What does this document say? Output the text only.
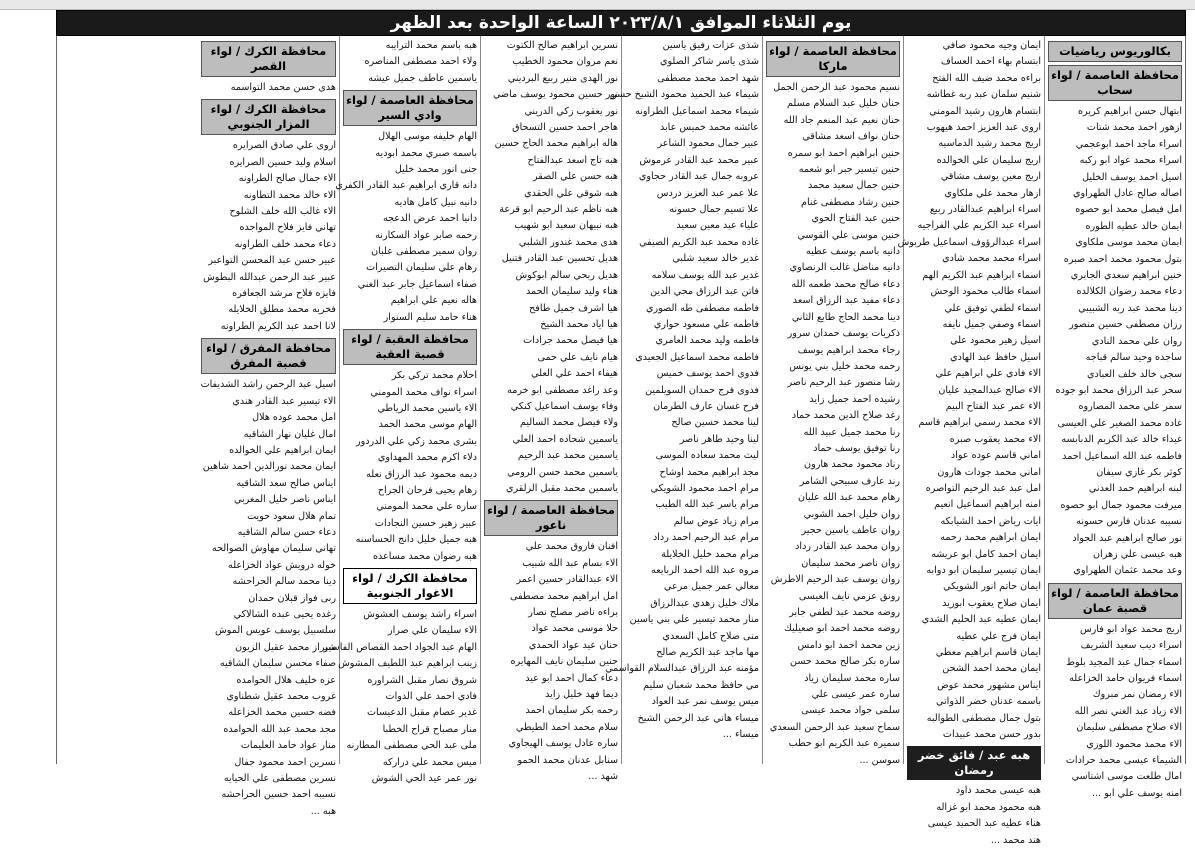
يوم الثلاثاء الموافق ٢٠٢٣/٨/١ الساعة الواحدة بعد الظهر
بكالوريوس رياضيات
محافظة العاصمة / لواء سحاب
ابتهال حسن ابراهيم كريره
ازهور احمد محمد شتات
اسراء ماجد احمد ابوعجمي
اسراء محمد عواد ابو ركبه
اسيل احمد يوسف الخليل
اصاله صالح عادل الطهراوي
امل فيصل محمد ابو حصوه
ايمان خالد عطيه الطوره
ايمان محمد موسى ملكاوي
بتول محمود محمد احمد صبره
حنين ابراهيم سعدي الجابري
دعاء محمد رضوان الكلالده
دينا محمد عبد ربه الشبيبي
رزان مصطفى حسين منصور
روان علي محمد النادي
ساجده وحيد سالم قباجه
سجى خالد خلف العبادي
سحر عبد الرزاق محمد ابو جوده
سمر علي محمد المصاروه
غاده محمد الصغير علي العيسى
غيداء خالد عبد الكريم الدبابسه
فاطمه عبد الله اسماعيل احمد
كوثر بكر غازي سيفان
لبنه ابراهيم حمد العدني
ميرفت محمود جمال ابو حصوه
نسيبه عدنان فارس حسونه
نور صالح ابراهيم عبد الجواد
هبه عيسى علي زهران
وعد محمد عثمان الطهراوي
محافظة العاصمة / لواء قصبة عمان
اريج محمد عواد ابو فارس
اسراء ديب سعيد الشريف
اسماء جمال عبد المجيد بلوط
اسماء فريوان حامد الخزاعله
الاء رمضان نمر مبروك
الاء زياد عبد الغني نصر الله
الاء صلاح مصطفى سليمان
الاء محمد محمود اللوزي
الشيماء عيسى محمد حرادات
امال طلعت موسى اشتاسي
امنه يوسف علي ابو ...
ايمان وجيه محمود صافي
ابتسام بهاء احمد العساف
براءه محمد ضيف الله الفتح
شنيم سلمان عبد ربه غطاشه
ابتسام هارون رشيد المومني
اروى عبد العزيز احمد هيهوب
اريج محمد رشيد الدماسيه
اريج سليمان علي الخوالده
اريج معين يوسف مشاقي
ازهار محمد علي ملكاوي
اسراء ابراهيم عبدالقادر ربيع
اسراء عبد الكريم علي الفراجيه
اسراء عبدالرؤوف اسماعيل طربوش
اسراء محمد محمد شادي
اسماء ابراهيم عبد الكريم الهم
اسماء طالب محمود الوحش
اسماء لطفي توفيق علي
اسماء وصفي جميل نايفه
اسيل زهير محمود علي
اسيل حافظ عبد الهادي
الاء فادي علي ابراهيم علي
الاء صالح عبدالمجيد عليان
الاء عمر عبد الفتاح البيم
الاء محمد رسمي ابراهيم قاسم
الاء محمد يعقوب صبره
اماني قاسم عوده عواد
اماني محمد جودات هارون
امل عبد عبد الرحيم التواصره
امنه ابراهيم اسماعيل انعيم
ايات رياض احمد الشيابكه
ايمان ابراهيم محمد رحمه
ايمان احمد كامل ابو عريشه
ايمان تيسير سليمان ابو دوابه
ايمان حاتم انور الشويكي
ايمان صلاح يعقوب ابوزيد
ايمان عطيه عبد الحليم الشدي
ايمان فرج علي عطيه
ايمان قاسم ابراهيم معطي
ايمان محمد احمد الشحن
ايناس مشهور محمد عوض
باسمه عدنان خضر الذواتي
بتول جمال مصطفى الطوالبه
بدور حسن محمد عبيدات
هبه عبد / فائق خضر رمضان
هبه عيسى محمد داود
هبه محمود محمد ابو غزاله
هناء عطيه عبد الحميد عيسى
هند محمد ...
محافظة العاصمة / لواء ماركا
نسيم محمود عبد الرحمن الجمل
حنان خليل عبد السلام مسلم
حنان نعيم عبد المنعم جاد الله
حنان نواف اسعد مشاقي
حنين ابراهيم احمد ابو سمره
حنين تيسير جبر ابو شعمه
حنين جمال سعيد محمد
حنين رشاد مصطفى غنام
حنين عبد الفتاح الحوي
حنين موسى علي القوسي
دانيه باسم يوسف عطيه
دانيه مناضل غالب الرنصاوي
دعاء صالح محمد طعمه الله
دعاء مفيد عبد الرزاق اسعد
دينا محمد الحاج طايع الثاني
ذكريات يوسف حمدان سرور
رجاء محمد ابراهيم يوسف
رحمه محمد خليل بني يونس
رشا منصور عبد الرحيم ناصر
رشيده احمد جميل زايد
رغد صلاح الدين محمد حماد
رنا محمد جميل عبيد الله
رنا توفيق يوسف حماد
رناد محمود محمد هارون
رند عارف سبيحي الشامر
رهام محمد عبد الله عليان
روان خليل احمد الشوبي
روان عاطف ياسين حجير
روان محمد عبد القادر رداد
روان ناصر محمد سليمان
روان يوسف عبد الرحيم الاطرش
رونق عزمي نايف العيسى
روضه محمد عبد لطفي جابر
روضه محمد احمد ابو صعيليك
زين محمد احمد ابو دامس
ساره بكر صالح محمد حسن
ساره محمد سليمان زياد
ساره عمر عيسى علي
سلمى جواد محمد عيسى
سماح سعيد عبد الرحمن السعدي
سميره عبد الكريم ابو حطب
سوسن ...
شذى عزات رفيق ياسين
شذى ياسر شاكر الصلوي
شهد احمد محمد مصطفى
شيماء عبد الحميد محمود الشيخ حسن
شيماء محمد اسماعيل الطراونه
عائشه محمد خميس عابد
عبير جمال محمود الشاعر
عبير محمد عبد القادر عرموش
عروبه جمال عبد القادر حجاوي
علا عمر عبد العزيز دردس
علا تسيم جمال حسونه
علياء عيد معين سعيد
غاده محمد عبد الكريم الصيفي
غدير خالد سعيد شلبي
غدير عبد الله يوسف سلامه
فاتن عبد الرزاق محي الدين
فاطمه مصطفى طه الصوري
فاطمه علي مسعود حواري
فاطمه وليد محمد العامري
فاطمه محمد اسماعيل الجعيدي
فدوى احمد يوسف خميس
فدوى فرج حمدان السويلمين
فرح غسان عارف الطرمان
لينا محمد حسين صالح
لينا وحيد طاهر ناصر
ليث محمد سعاده الموسى
مجد ابراهيم محمد اوشاح
مرام احمد محمود الشويكي
مرام ياسر عبد الله الطيب
مرام زياد عوض سالم
مرام عبد الرحيم احمد رداد
مرام محمد خليل الخلايلة
مروه عبد الله احمد الربايعه
معالي عمر جميل مرعي
ملاك خليل زهدي عبدالرزاق
منار محمد تيسير علي بني ياسين
منى صلاح كامل السعدي
مها ماجد عبد الكريم صالح
مؤمنه عبد الرزاق عبدالسلام القواسمي
مي حافظ محمد شعبان سليم
ميس يوسف نمر عبد العواد
ميساء هاني عبد الرحمن الشيخ
ميساء ...
نسرين ابراهيم صالح الكتوت
نعم مروان محمود الخطيب
نور الهدى منير ربيع البرديني
نور حسين محمود يوسف ماضي
نور يعقوب زكي الدريني
هاجر احمد حسين التسحاق
هاله ابراهيم محمد الحاج حسين
هبه تاج اسعد عبدالفتاح
هبه حسن علي الصقر
هبه شوقي علي الحقدي
هبه ناظم عبد الرحيم ابو قرعة
هبه نبيهان سعيد ابو شهيب
هدى محمد غندور الشلبي
هديل تحسين عبد القادر فتنيل
هديل ربحي سالم ابوكوش
هناء وليد سليمان الحمد
هيا اشرف جميل طافح
هيا اياد محمد الشيخ
هيا فيصل محمد جرادات
هيام نايف علي حمى
هيفاء احمد علي العلي
وعد راغد مصطفى ابو خرمه
وفاء يوسف اسماعيل كنكي
ولاء فيصل محمد الساليم
ياسمين شحاده احمد العلي
ياسمين محمد عبد الرحيم
ياسمين محمد حسن الرومي
ياسمين محمد مقبل الزلقري
محافظة العاصمة / لواء ناعور
افنان فاروق محمد علي
الاء بسام عبد الله شبيب
الاء عبدالقادر حسين اعمر
امل ابراهيم محمد مصطفى
براءه ناصر مصلح نصار
حلا موسى محمد عواد
حنان عيد عواد الحمدي
حنين سليمان نايف المهايره
دعاء كمال احمد ابو عيد
ديما فهد خليل زايد
رحمه بكر سليمان احمد
سلام محمد احمد الطيطي
ساره عادل يوسف الهيجاوي
سنابل عدنان محمد الحمو
شهد ...
هبه باسم محمد الترايبه
ولاء احمد مصطفى المناصره
ياسمين عاطف جميل عيشه
محافظة العاصمة / لواء وادي السير
الهام خليفه موسى الهلال
باسمه صبري محمد ابوديه
جنى انور محمد خليل
دانه قاري ابراهيم عبد القادر الكفري
دانيه نبيل كامل هاديه
دانيا احمد عرض الدعجه
رحمه صابر عواد السكارنه
روان سمير مصطفى علبان
رهام علي سليمان التصيرات
صفاء اسماعيل جابر عبد الغني
هاله نعيم علي ابراهيم
هناء حامد سليم السنوار
محافظة العقبة / لواء قصبة العقبة
احلام محمد تركي بكر
اسراء نواف محمد المومني
الاء ياسين محمد الرياطي
الهام موسى محمد الحمد
بشرى محمد زكي علي الدردور
دلاء اكرم محمد المهداوي
ديمه محمود عبد الرزاق نعله
رهام يحيى فرحان الجراح
ساره علي محمد المومني
عبير زهير حسين النجادات
هبه جميل خليل دانج الحساسنه
هبه رضوان محمد مساعده
محافظة الكرك / لواء الاغوار الجنوبية
اسراء راشد يوسف العشوش
الاء سليمان علي صرار
الهام عبد الجواد احمد القصاص الفاسير
زينب ابراهيم عبد اللطيف المشوش
شروق نصار مقبل الشراوره
فادي احمد علي الدوات
غدير عصام مقبل الدعيسات
منار مصباح قراح الخطبا
ملى عبد الحي مصطفى المطارنه
ميس محمد علي دراركه
نور عمر عيد الحي الشوش
محافظة الكرك / لواء القصر
هدى حسن محمد التواسمه
محافظة الكرك / لواء المزار الجنوبي
اروى علي صادق الصرايره
اسلام وليد حسين الصرايره
الاء جمال صالح الطراونه
الاء خالد محمد التطاونه
الاء غالب الله خلف الشلوح
تهاني فايز فلاح المواجده
دعاء محمد خلف الطراونه
عبير حسن عبد المحسن التواعبر
عبير عبد الرحمن عبدالله البطوش
فايزه فلاح مرشد الجعافره
فخريه محمد مطلق الخلايله
لانا احمد عبد الكريم الطراونه
محافظة المفرق / لواء قصبة المفرق
اسيل عبد الرحمن راشد الشديفات
الاء تيسير عبد القادر هندي
امل محمد عوده هلال
امال غليان نهار الشاقيه
ايمان ابراهيم علي الخوالده
ايمان محمد نورالدين احمد شاهين
ايناس صالح سعد الشاقيه
ايناس ناصر خليل المغربي
تمام هلال سعود حويت
دعاء حسن سالم الشاقيه
تهاني سليمان مهاوش الصوالحه
خوله درويش عواد الخزاعله
دينا محمد سالم الحراحشه
ربى فواز قبلان حمدان
رغده يحيى عبده الشالاكي
سلسبيل يوسف عويس الموش
شيراز محمد عقيل الزيون
صفاء محسن سليمان الشاقيه
عزه خليف هلال الحوامده
غروب محمد عقيل شطناوي
فضه حسين محمد الخزاعله
مجد محمد عبد الله الحوامده
منار عواد حامد العليمات
نسرين احمد محمود جفال
نسرين مصطفى علي الحيايه
نسيبه احمد حسين الحراحشه
هبه ...
